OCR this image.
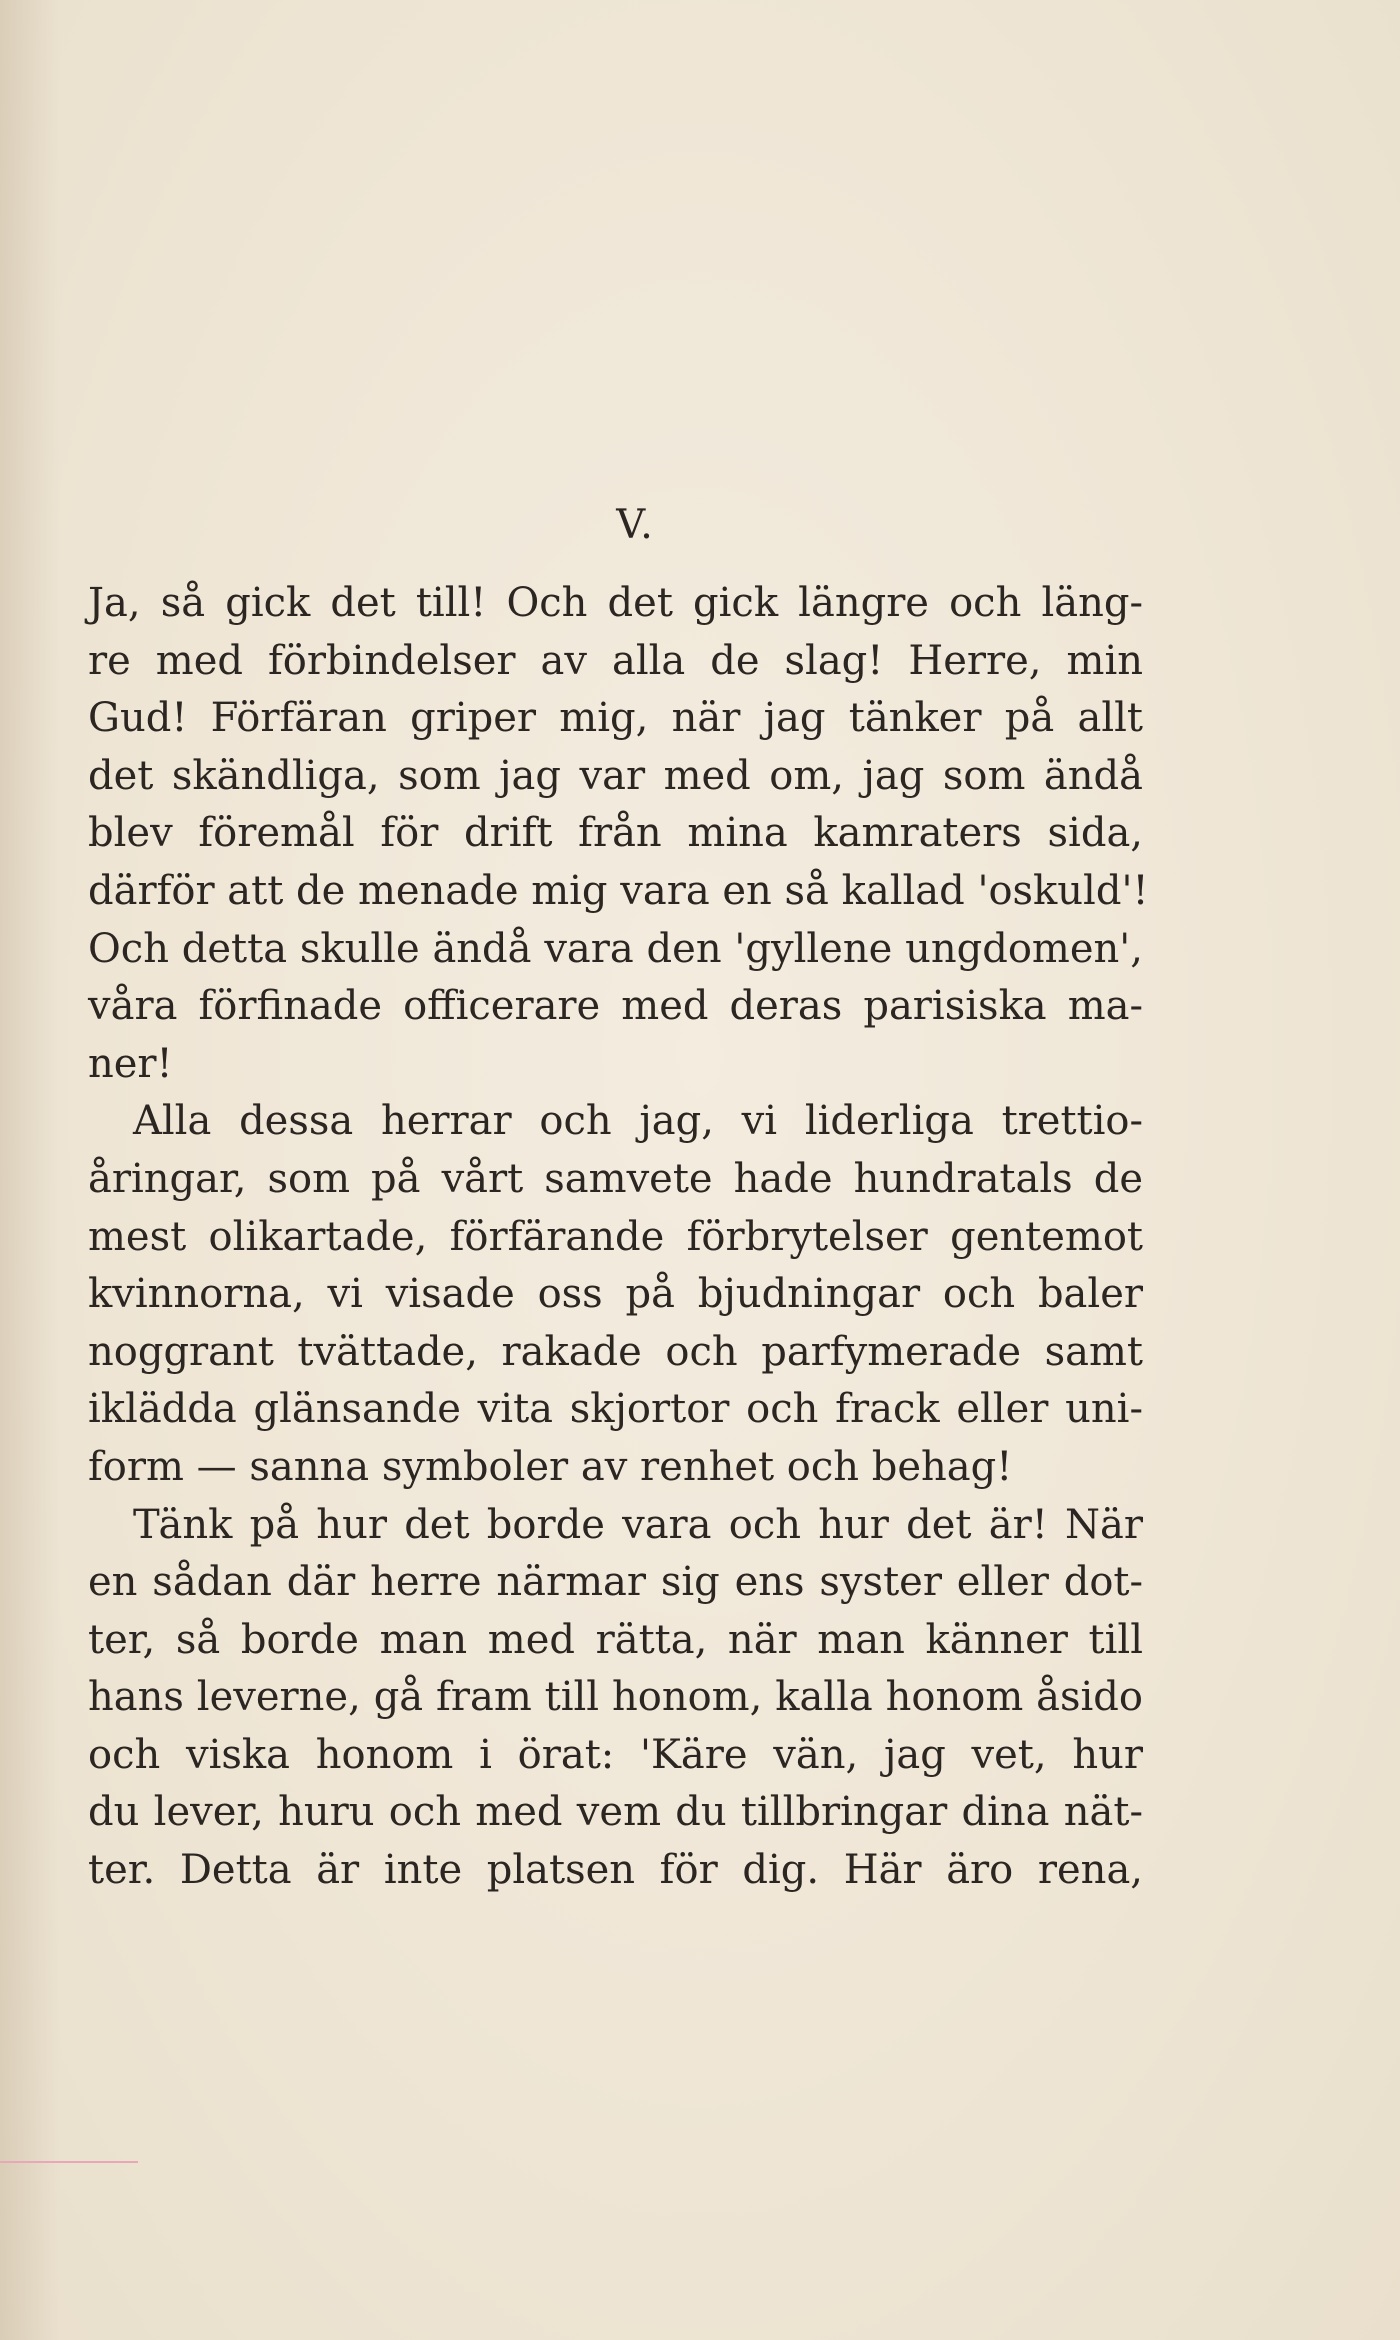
V.
Ja, så gick det till! Och det gick längre och läng-
re med förbindelser av alla de slag! Herre, min
Gud! Förfäran griper mig, när jag tänker på allt
det skändliga, som jag var med om, jag som ändå
blev föremål för drift från mina kamraters sida,
därför att de menade mig vara en så kallad 'oskuld'!
Och detta skulle ändå vara den 'gyllene ungdomen',
våra förfinade officerare med deras parisiska ma-
ner!
Alla dessa herrar och jag, vi liderliga trettio-
åringar, som på vårt samvete hade hundratals de
mest olikartade, förfärande förbrytelser gentemot
kvinnorna, vi visade oss på bjudningar och baler
noggrant tvättade, rakade och parfymerade samt
iklädda glänsande vita skjortor och frack eller uni-
form — sanna symboler av renhet och behag!
Tänk på hur det borde vara och hur det är! När
en sådan där herre närmar sig ens syster eller dot-
ter, så borde man med rätta, när man känner till
hans leverne, gå fram till honom, kalla honom åsido
och viska honom i örat: 'Käre vän, jag vet, hur
du lever, huru och med vem du tillbringar dina nät-
ter. Detta är inte platsen för dig. Här äro rena,
